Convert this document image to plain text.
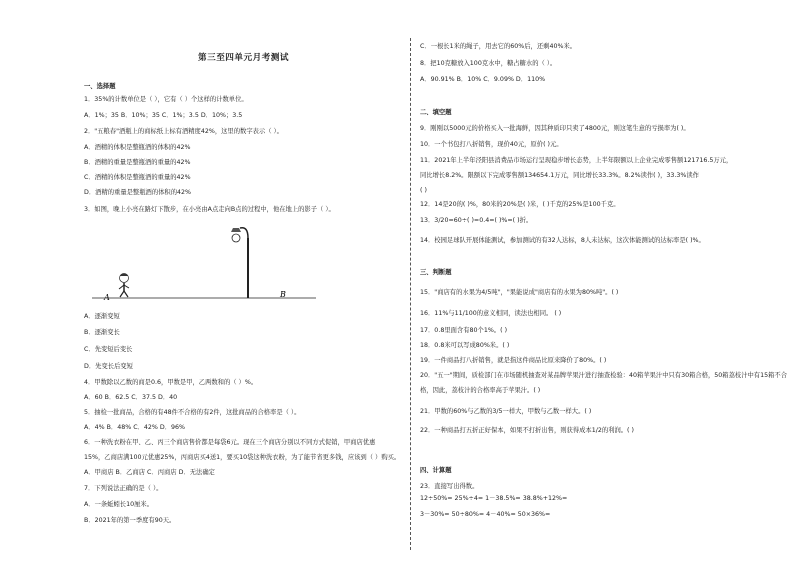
第三至四单元月考测试
一、选择题
1．35%的计数单位是（ ），它有（ ）个这样的计数单位。
A．1%；35 B．10%；35 C．1%；3.5 D．10%；3.5
2．"五粮春"酒瓶上的商标纸上标有酒精度42%，这里的数字表示（ ）。
A．酒精的体积是整瓶酒的体积的42%
B．酒精的重量是整瓶酒的重量的42%
C．酒精的体积是整瓶酒的重量的42%
D．酒精的重量是整瓶酒的体积的42%
3．如图，晚上小亮在路灯下散步，在小亮由A点走向B点的过程中，他在地上的影子（ ）。
A．逐渐变短
B．逐渐变长
C．先变短后变长
D．先变长后变短
4．甲数除以乙数的商是0.6，甲数是甲，乙两数和的（ ）%。
A．60 B．62.5 C．37.5 D．40
5．抽检一批商品，合格的有48件不合格的有2件，这批商品的合格率是（ ）。
A．4% B．48% C．42% D．96%
6．一种洗衣粉在甲、乙、丙三个商店售价都是每袋6元。现在三个商店分别以不同方式促销，甲商店优惠
15%，乙商店满100元优惠25%，丙商店买4送1，要买10袋这种洗衣粉，为了能节省更多钱，应该到（ ）购买。
A．甲商店 B．乙商店 C．丙商店 D．无法确定
7．下列说法正确的是（ ）。
A．一条蚯蚓长10厘米。
B．2021年的第一季度有90天。
C．一根长1米的绳子，用去它的60%后，还剩40%米。
8．把10克糖放入100克水中，糖占糖水的（ ）。
A．90.91% B．10% C．9.09% D．110%
二、填空题
9．刚刚以5000元的价格买入一批海鲜，因其种质印只卖了4800元，则这笔生意的亏损率为( )。
10．一个书包打八折销售，现价40元，原价( )元。
11．2021年上半年泾阳县消费品市场运行呈现稳步增长态势，上半年限额以上企业完成零售额121716.5万元，
同比增长8.2%。限额以下完成零售额134654.1万元，同比增长33.3%。8.2%读作( )，33.3%读作
( )
12．14是20的( )%，80米的20%是( )米，( )千克的25%是100千克。
13．3/20=60÷( )=0.4=( )%=( )折。
14．校园足球队开展体能测试，参加测试的有32人达标，8人未达标，这次体能测试的达标率是( )%。
三、判断题
15．"商店有的水果为4/5吨"，"果能说成"商店有的水果为80%吨"。( )
16．11%与11/100的意义相同，读法也相同。 ( )
17．0.8里面含有80个1%。( )
18．0.8米可以写成80%米。( )
19．一件商品打八折销售，就是指这件商品比原来降价了80%。( )
20．"五一"期间，质检部门在市场随机抽查对某品牌苹果汁进行抽查检验：40箱苹果汁中只有30箱合格，50箱荔枝汁中有15箱不合
格，因此，荔枝汁的合格率高于苹果汁。( )
21．甲数的60%与乙数的3/5一样大，甲数与乙数一样大。( )
22．一种商品打五折正好保本，如果不打折出售，则获得成本1/2的利润。( )
四、计算题
23．直接写出得数。
12÷50%= 25%÷4= 1－38.5%= 38.8%+12%=
3－30%= 50÷80%= 4－40%= 50×36%=
A	B
